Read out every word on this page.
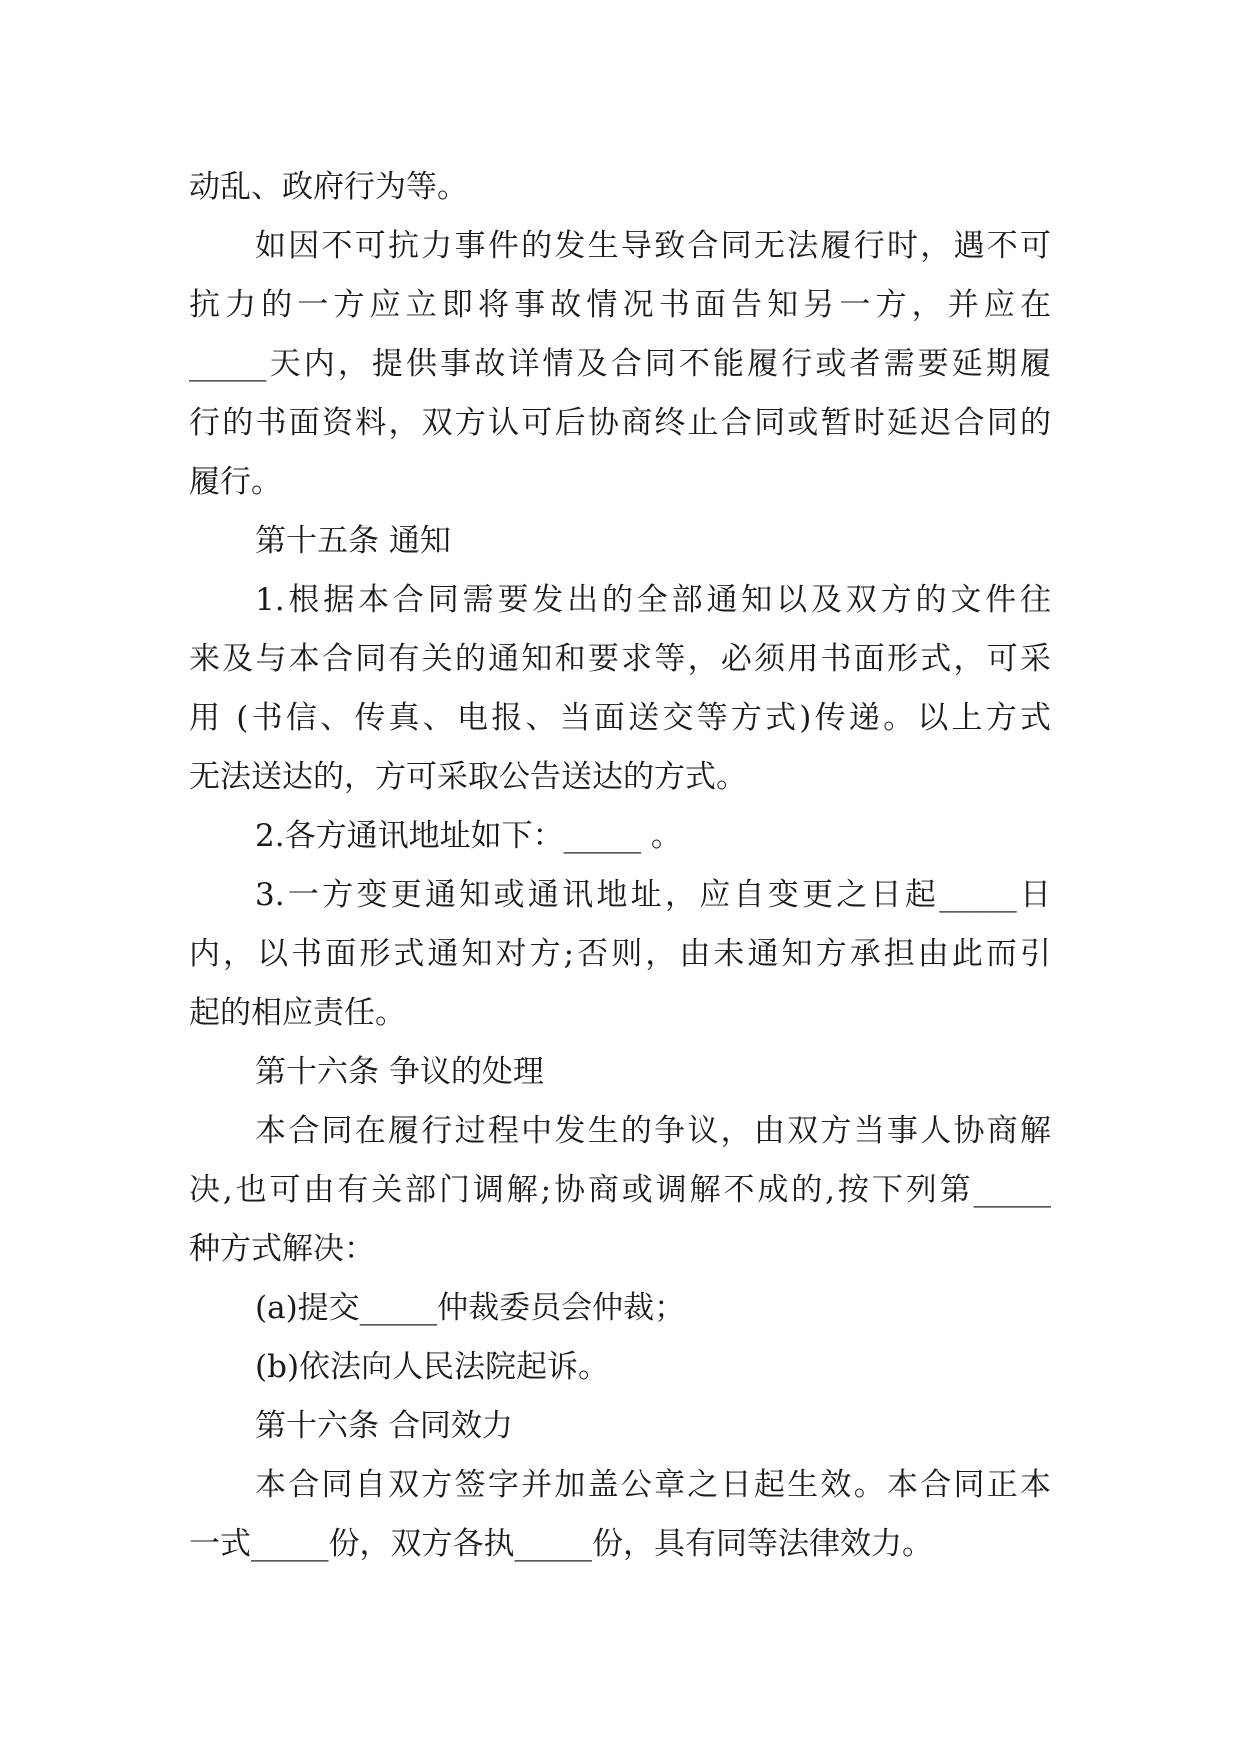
动乱、政府行为等。
如因不可抗力事件的发生导致合同无法履行时，遇不可
抗力的一方应立即将事故情况书面告知另一方，并应在
_____天内，提供事故详情及合同不能履行或者需要延期履
行的书面资料，双方认可后协商终止合同或暂时延迟合同的
履行。
第十五条 通知
1.根据本合同需要发出的全部通知以及双方的文件往
来及与本合同有关的通知和要求等，必须用书面形式，可采
用 (书信、传真、电报、当面送交等方式)传递。以上方式
无法送达的，方可采取公告送达的方式。
2.各方通讯地址如下：_____ 。
3.一方变更通知或通讯地址，应自变更之日起_____日
内，以书面形式通知对方;否则，由未通知方承担由此而引
起的相应责任。
第十六条 争议的处理
本合同在履行过程中发生的争议，由双方当事人协商解
决,也可由有关部门调解;协商或调解不成的,按下列第_____
种方式解决：
(a)提交_____仲裁委员会仲裁；
(b)依法向人民法院起诉。
第十六条 合同效力
本合同自双方签字并加盖公章之日起生效。本合同正本
一式_____份，双方各执_____份，具有同等法律效力。
